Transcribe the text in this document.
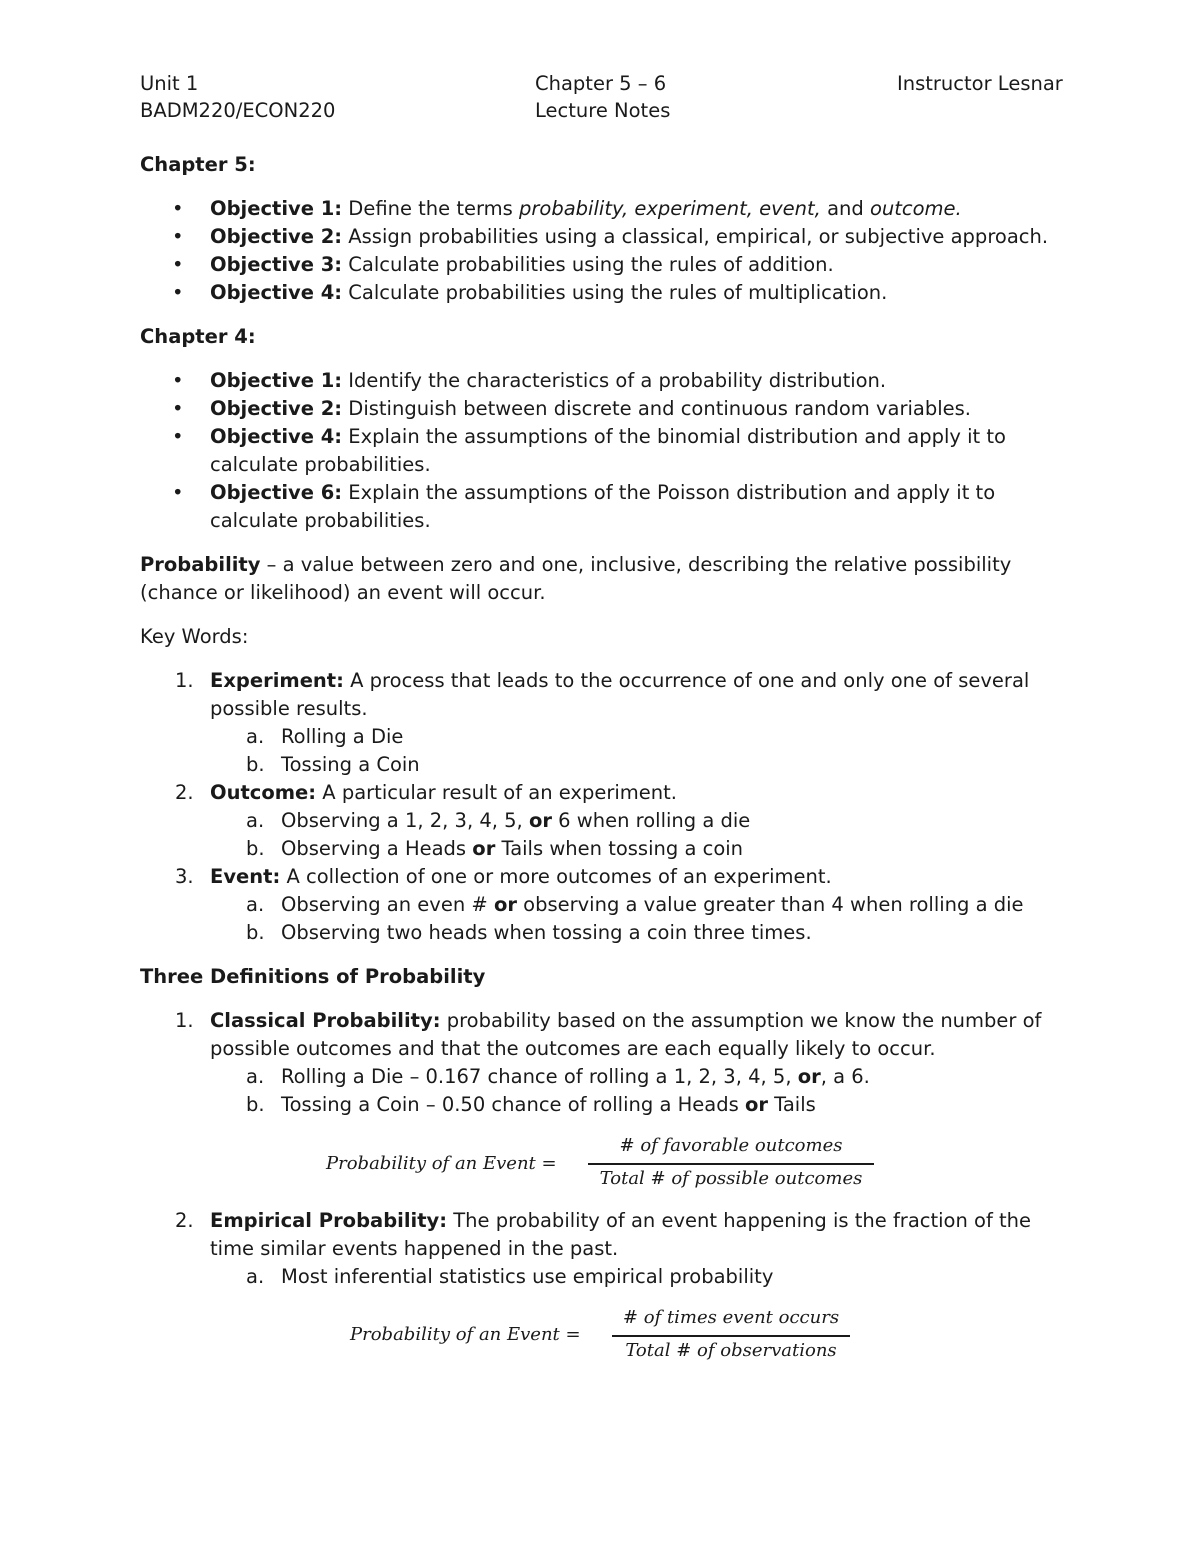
Unit 1
BADM220/ECON220
Chapter 5 – 6
Lecture Notes
Instructor Lesnar
Chapter 5:
•
Objective 1: Define the terms probability, experiment, event, and outcome.
•
Objective 2: Assign probabilities using a classical, empirical, or subjective approach.
•
Objective 3: Calculate probabilities using the rules of addition.
•
Objective 4: Calculate probabilities using the rules of multiplication.
Chapter 4:
•
Objective 1: Identify the characteristics of a probability distribution.
•
Objective 2: Distinguish between discrete and continuous random variables.
•
Objective 4: Explain the assumptions of the binomial distribution and apply it to
calculate probabilities.
•
Objective 6: Explain the assumptions of the Poisson distribution and apply it to
calculate probabilities.
Probability – a value between zero and one, inclusive, describing the relative possibility
(chance or likelihood) an event will occur.
Key Words:
1. Experiment: A process that leads to the occurrence of one and only one of several
possible results.
a. Rolling a Die
b. Tossing a Coin
2. Outcome: A particular result of an experiment.
a. Observing a 1, 2, 3, 4, 5, or 6 when rolling a die
b. Observing a Heads or Tails when tossing a coin
3. Event: A collection of one or more outcomes of an experiment.
a. Observing an even # or observing a value greater than 4 when rolling a die
b. Observing two heads when tossing a coin three times.
Three Definitions of Probability
1. Classical Probability: probability based on the assumption we know the number of
possible outcomes and that the outcomes are each equally likely to occur.
a. Rolling a Die – 0.167 chance of rolling a 1, 2, 3, 4, 5, or, a 6.
b. Tossing a Coin – 0.50 chance of rolling a Heads or Tails
Probability of an Event =
# of favorable outcomes
Total # of possible outcomes
2. Empirical Probability: The probability of an event happening is the fraction of the
time similar events happened in the past.
a. Most inferential statistics use empirical probability
Probability of an Event =
# of times event occurs
Total # of observations
